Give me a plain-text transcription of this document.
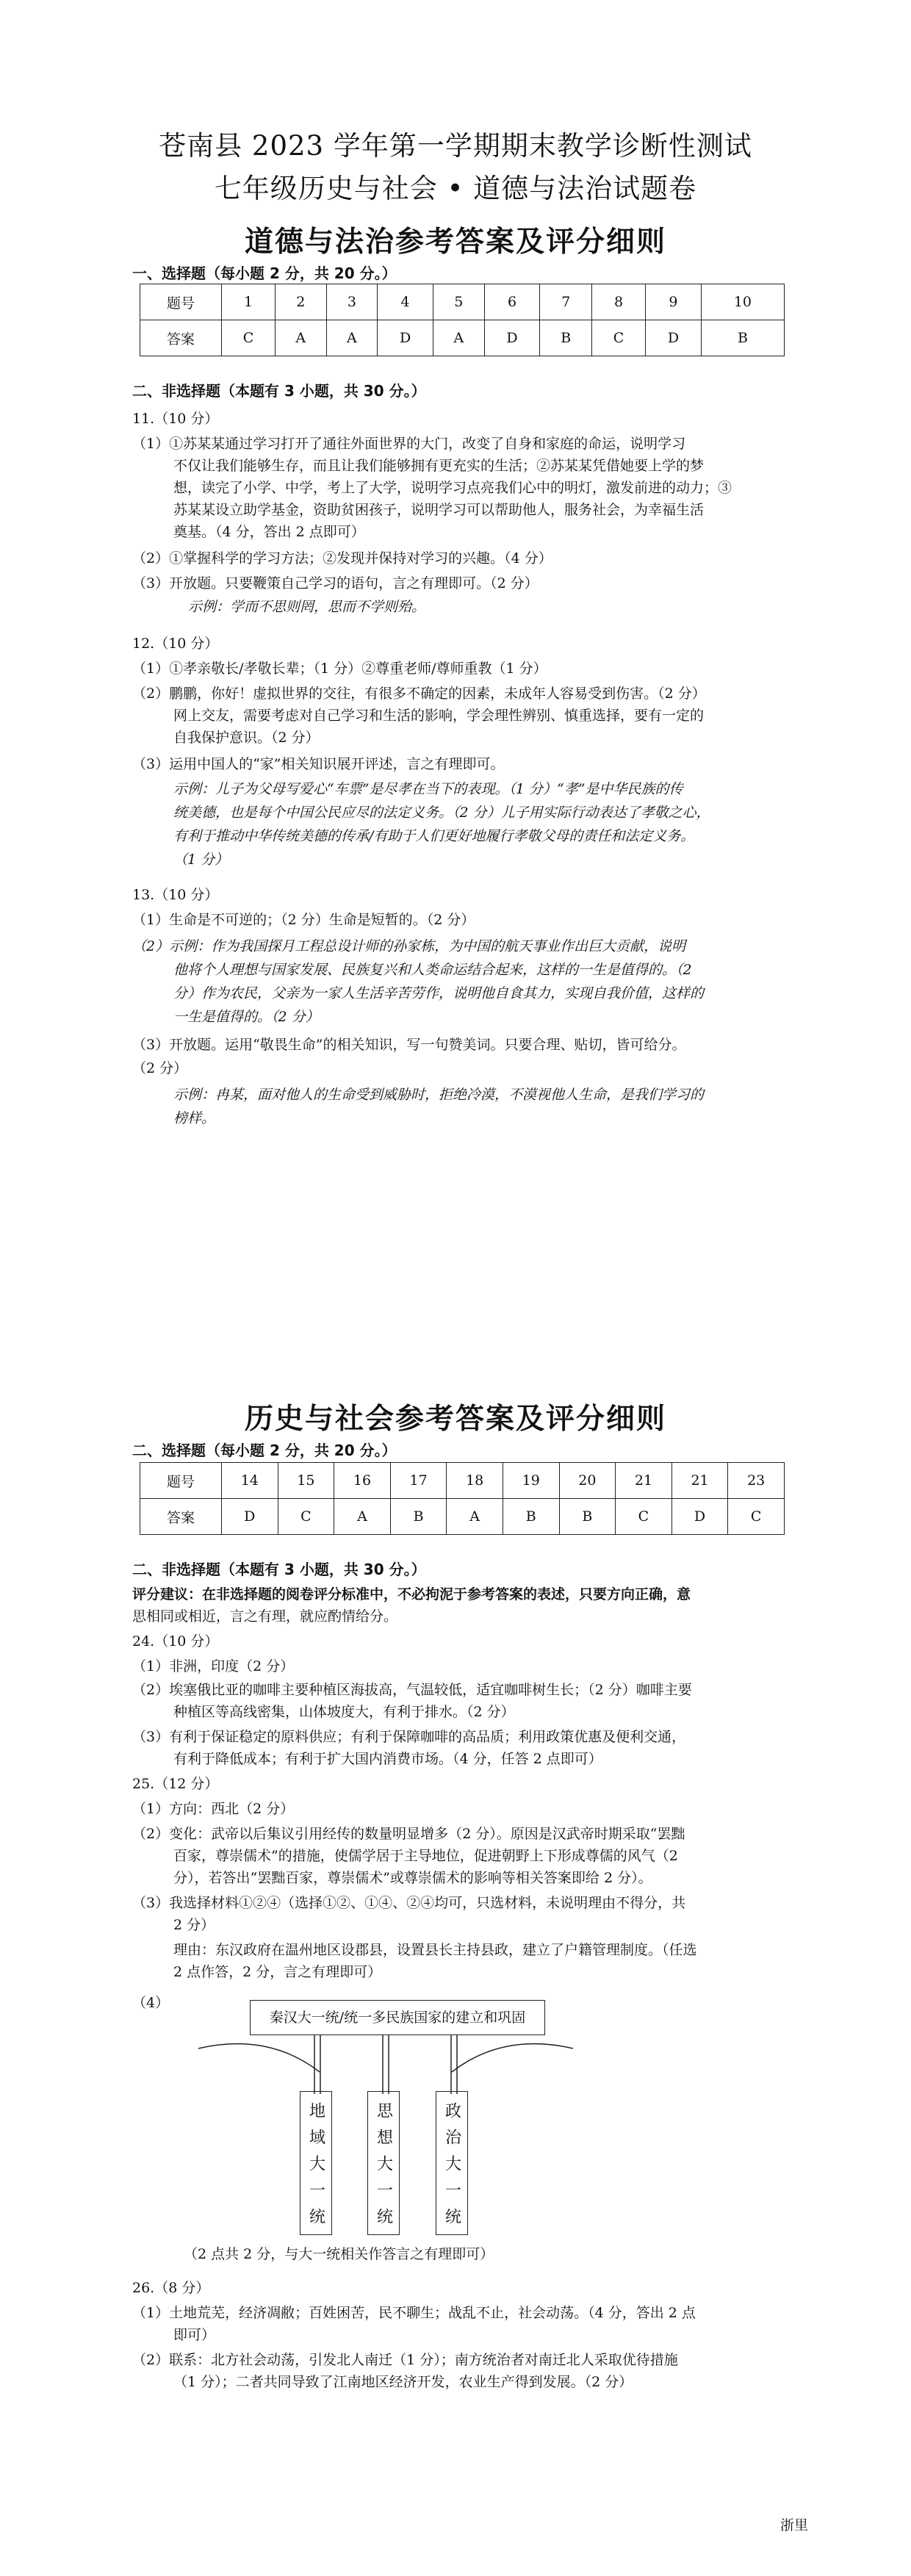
苍南县 2023 学年第一学期期末教学诊断性测试
七年级历史与社会 • 道德与法治试题卷
道德与法治参考答案及评分细则
一、选择题（每小题 2 分，共 20 分。）
题号	1	2	3	4	5	6	7	8	9	10
答案	C	A	A	D	A	D	B	C	D	B
二、非选择题（本题有 3 小题，共 30 分。）
11.（10 分）
（1）①苏某某通过学习打开了通往外面世界的大门，改变了自身和家庭的命运，说明学习
不仅让我们能够生存，而且让我们能够拥有更充实的生活；②苏某某凭借她要上学的梦
想，读完了小学、中学，考上了大学，说明学习点亮我们心中的明灯，激发前进的动力；③
苏某某设立助学基金，资助贫困孩子，说明学习可以帮助他人，服务社会，为幸福生活
奠基。（4 分，答出 2 点即可）
（2）①掌握科学的学习方法；②发现并保持对学习的兴趣。（4 分）
（3）开放题。只要鞭策自己学习的语句，言之有理即可。（2 分）
示例：学而不思则罔，思而不学则殆。
12.（10 分）
（1）①孝亲敬长/孝敬长辈；（1 分）②尊重老师/尊师重教（1 分）
（2）鹏鹏，你好！虚拟世界的交往，有很多不确定的因素，未成年人容易受到伤害。（2 分）
网上交友，需要考虑对自己学习和生活的影响，学会理性辨别、慎重选择，要有一定的
自我保护意识。（2 分）
（3）运用中国人的“家”相关知识展开评述，言之有理即可。
示例：儿子为父母写爱心“车票”是尽孝在当下的表现。（1 分）“孝”是中华民族的传
统美德，也是每个中国公民应尽的法定义务。（2 分）儿子用实际行动表达了孝敬之心，
有利于推动中华传统美德的传承/有助于人们更好地履行孝敬父母的责任和法定义务。
（1 分）
13.（10 分）
（1）生命是不可逆的；（2 分）生命是短暂的。（2 分）
（2）示例：作为我国探月工程总设计师的孙家栋，为中国的航天事业作出巨大贡献，说明
他将个人理想与国家发展、民族复兴和人类命运结合起来，这样的一生是值得的。（2
分）作为农民，父亲为一家人生活辛苦劳作，说明他自食其力，实现自我价值，这样的
一生是值得的。（2 分）
（3）开放题。运用“敬畏生命”的相关知识，写一句赞美词。只要合理、贴切，皆可给分。
（2 分）
示例：冉某，面对他人的生命受到威胁时，拒绝冷漠，不漠视他人生命，是我们学习的
榜样。
历史与社会参考答案及评分细则
二、选择题（每小题 2 分，共 20 分。）
题号	14	15	16	17	18	19	20	21	21	23
答案	D	C	A	B	A	B	B	C	D	C
二、非选择题（本题有 3 小题，共 30 分。）
评分建议：在非选择题的阅卷评分标准中，不必拘泥于参考答案的表述，只要方向正确，意
思相同或相近，言之有理，就应酌情给分。
24.（10 分）
（1）非洲，印度（2 分）
（2）埃塞俄比亚的咖啡主要种植区海拔高，气温较低，适宜咖啡树生长；（2 分）咖啡主要
种植区等高线密集，山体坡度大，有利于排水。（2 分）
（3）有利于保证稳定的原料供应；有利于保障咖啡的高品质；利用政策优惠及便利交通，
有利于降低成本；有利于扩大国内消费市场。（4 分，任答 2 点即可）
25.（12 分）
（1）方向：西北（2 分）
（2）变化：武帝以后集议引用经传的数量明显增多（2 分）。原因是汉武帝时期采取“罢黜
百家，尊崇儒术”的措施，使儒学居于主导地位，促进朝野上下形成尊儒的风气（2
分），若答出“罢黜百家，尊崇儒术”或尊崇儒术的影响等相关答案即给 2 分）。
（3）我选择材料①②④（选择①②、①④、②④均可，只选材料，未说明理由不得分，共
2 分）
理由：东汉政府在温州地区设郡县，设置县长主持县政，建立了户籍管理制度。（任选
2 点作答，2 分，言之有理即可）
（4）
秦汉大一统/统一多民族国家的建立和巩固
地域大一统	思想大一统	政治大一统
（2 点共 2 分，与大一统相关作答言之有理即可）
26.（8 分）
（1）土地荒芜，经济凋敝；百姓困苦，民不聊生；战乱不止，社会动荡。（4 分，答出 2 点
即可）
（2）联系：北方社会动荡，引发北人南迁（1 分）；南方统治者对南迁北人采取优待措施
（1 分）；二者共同导致了江南地区经济开发，农业生产得到发展。（2 分）
浙里
